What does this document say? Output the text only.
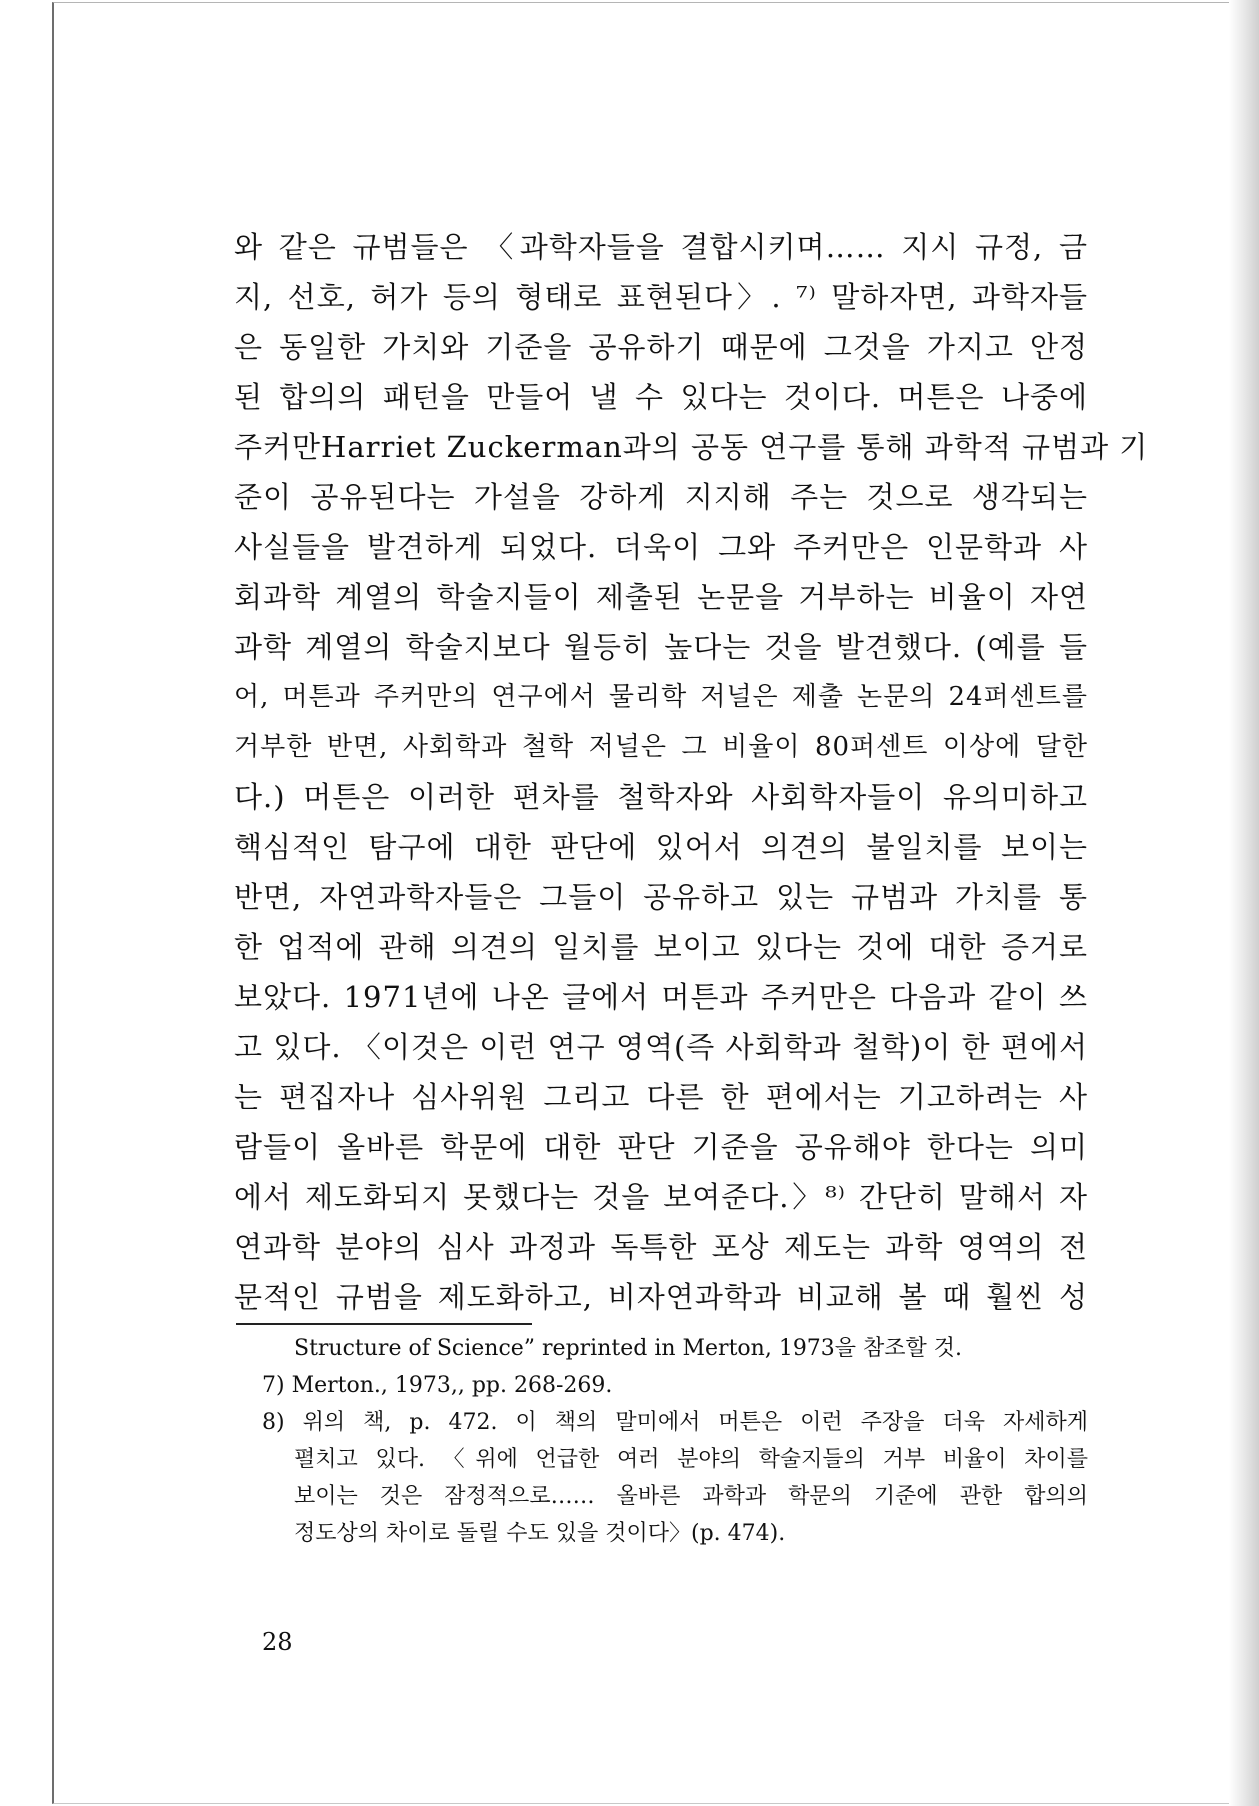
와 같은 규범들은 〈과학자들을 결합시키며…… 지시 규정, 금
지, 선호, 허가 등의 형태로 표현된다〉. ⁷⁾ 말하자면, 과학자들
은 동일한 가치와 기준을 공유하기 때문에 그것을 가지고 안정
된 합의의 패턴을 만들어 낼 수 있다는 것이다. 머튼은 나중에
주커만Harriet Zuckerman과의 공동 연구를 통해 과학적 규범과 기
준이 공유된다는 가설을 강하게 지지해 주는 것으로 생각되는
사실들을 발견하게 되었다. 더욱이 그와 주커만은 인문학과 사
회과학 계열의 학술지들이 제출된 논문을 거부하는 비율이 자연
과학 계열의 학술지보다 월등히 높다는 것을 발견했다. (예를 들
어, 머튼과 주커만의 연구에서 물리학 저널은 제출 논문의 24퍼센트를
거부한 반면, 사회학과 철학 저널은 그 비율이 80퍼센트 이상에 달한
다.) 머튼은 이러한 편차를 철학자와 사회학자들이 유의미하고
핵심적인 탐구에 대한 판단에 있어서 의견의 불일치를 보이는
반면, 자연과학자들은 그들이 공유하고 있는 규범과 가치를 통
한 업적에 관해 의견의 일치를 보이고 있다는 것에 대한 증거로
보았다. 1971년에 나온 글에서 머튼과 주커만은 다음과 같이 쓰
고 있다. 〈이것은 이런 연구 영역(즉 사회학과 철학)이 한 편에서
는 편집자나 심사위원 그리고 다른 한 편에서는 기고하려는 사
람들이 올바른 학문에 대한 판단 기준을 공유해야 한다는 의미
에서 제도화되지 못했다는 것을 보여준다.〉⁸⁾ 간단히 말해서 자
연과학 분야의 심사 과정과 독특한 포상 제도는 과학 영역의 전
문적인 규범을 제도화하고, 비자연과학과 비교해 볼 때 훨씬 성
Structure of Science” reprinted in Merton, 1973을 참조할 것.
7) Merton., 1973,, pp. 268-269.
8) 위의 책, p. 472. 이 책의 말미에서 머튼은 이런 주장을 더욱 자세하게
펼치고 있다. 〈위에 언급한 여러 분야의 학술지들의 거부 비율이 차이를
보이는 것은 잠정적으로…… 올바른 과학과 학문의 기준에 관한 합의의
정도상의 차이로 돌릴 수도 있을 것이다〉(p. 474).
28
